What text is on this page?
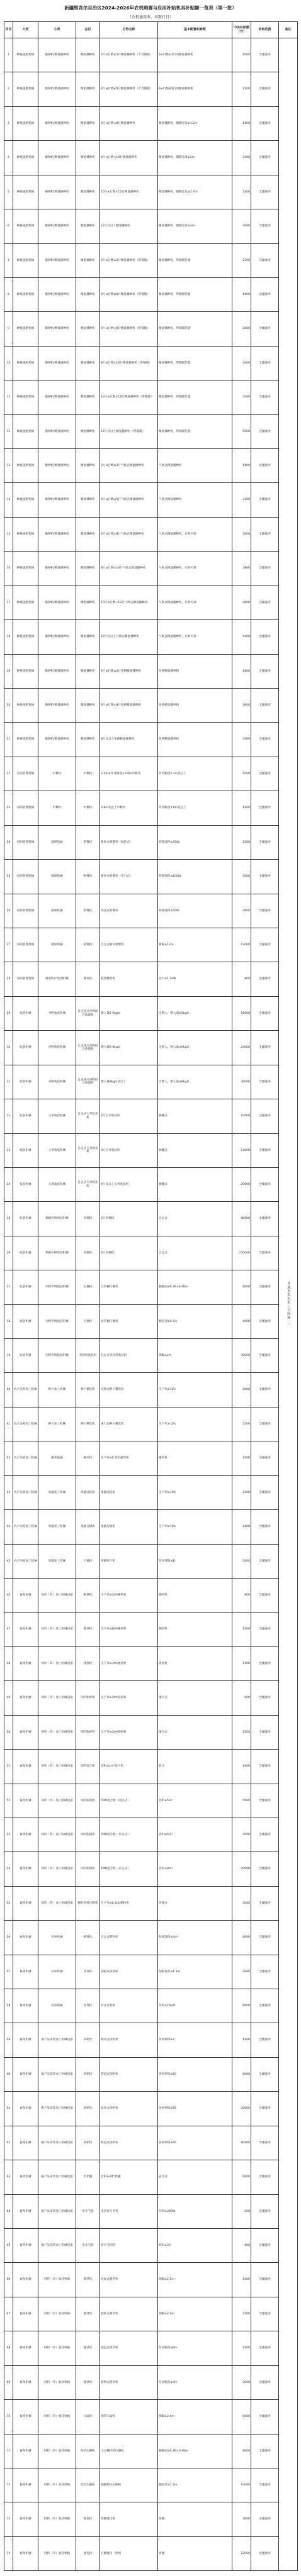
新疆维吾尔自治区2024-2026年农机购置与应用补贴机具补贴额一览表（第一批）
（农机通用类，共数行目）
序号	大类	小类	品目	分档名称	基本配置和参数	中央补贴额（元）	补贴范围	备注
1	种植施肥机械	播种机/精量播种机	精量播种机	2行≤行数≤3行精量播种机（不含铺膜）	2≤行数≤3行的精量播种机	1000	全疆通用	非通用类农机（全国统一）
2	种植施肥机械	播种机/精量播种机	精量播种机	4行≤行数≤5行精量播种机（不含铺膜）	4≤行数≤5行的精量播种机	1500	全疆通用	
3	种植施肥机械	播种机/精量播种机	精量播种机	6行≤行数<8行精量播种机	精量播种机，铺膜宽度≥1.2m	1800	全疆通用	
4	种植施肥机械	播种机/精量播种机	精量播种机	8行≤行数<10行精量播种机	精量播种机，铺膜宽度≥2m	2400	全疆通用	
5	种植施肥机械	播种机/精量播种机	精量播种机	10行≤行数<12行精量播种机	精量播种机，铺膜宽度≥2.4m	3200	全疆通用	
6	种植施肥机械	播种机/精量播种机	精量播种机	12行及以上精量播种机	精量播种机，铺膜宽度≥3m	4000	全疆通用	
7	种植施肥机械	播种机/精量播种机	精量播种机	2行≤行数≤3行精量播种机（带铺膜）	精量播种机，带铺膜装置	1200	全疆通用	
8	种植施肥机械	播种机/精量播种机	精量播种机	4行≤行数≤5行精量播种机（带铺膜）	精量播种机，带铺膜装置	1800	全疆通用	
9	种植施肥机械	播种机/精量播种机	精量播种机	6行≤行数<8行精量播种机（带铺膜）	精量播种机，带铺膜装置	2600	全疆通用	
10	种植施肥机械	播种机/精量播种机	精量播种机	8行≤行数<10行精量播种机（带铺膜）	精量播种机，带铺膜装置	3400	全疆通用	
11	种植施肥机械	播种机/精量播种机	精量播种机	10行≤行数<12行精量播种机（带铺膜）	精量播种机，带铺膜装置	4200	全疆通用	
12	种植施肥机械	播种机/精量播种机	精量播种机	12行及以上精量播种机（带铺膜）	精量播种机，带铺膜装置	5000	全疆通用	
13	种植施肥机械	播种机/精量播种机	精量播种机	2行≤行数≤3行气吸式精量播种机	气吸式精量播种机	1600	全疆通用	
14	种植施肥机械	播种机/精量播种机	精量播种机	4行≤行数≤5行气吸式精量播种机	气吸式精量播种机	2200	全疆通用	
15	种植施肥机械	播种机/精量播种机	精量播种机	6行≤行数<8行气吸式精量播种机	气吸式精量播种机，行距可调	3000	全疆通用	
16	种植施肥机械	播种机/精量播种机	精量播种机	8行≤行数<10行气吸式精量播种机	气吸式精量播种机，行距可调	3800	全疆通用	
17	种植施肥机械	播种机/精量播种机	精量播种机	10行≤行数<12行气吸式精量播种机	气吸式精量播种机，行距可调	4600	全疆通用	
18	种植施肥机械	播种机/精量播种机	精量播种机	12行及以上气吸式精量播种机	气吸式精量播种机，行距可调	5400	全疆通用	
19	种植施肥机械	播种机/精量播种机	精量播种机	4行≤行数≤5行免耕精量播种机	免耕精量播种机	2800	全疆通用	
20	种植施肥机械	播种机/精量播种机	精量播种机	6行≤行数<8行免耕精量播种机	免耕精量播种机	3600	全疆通用	
21	种植施肥机械	播种机/精量播种机	精量播种机	8行及以上免耕精量播种机	免耕精量播种机	4400	全疆通用	
22	田间管理机械	中耕机	中耕机	2.1m≤作业幅宽<3.6m中耕机	作业幅宽2.1m及以上	1000	全疆通用	
23	田间管理机械	中耕机	中耕机	3.6m及以上中耕机	作业幅宽3.6m及以上	1500	全疆通用	
24	田间管理机械	植保机械	喷雾机	喷杆式喷雾机（悬挂式）	药箱容积≥300L	1200	全疆通用	
25	田间管理机械	植保机械	喷雾机	喷杆式喷雾机（牵引式）	药箱容积≥1000L	3000	全疆通用	
26	田间管理机械	植保机械	喷雾机	风送式喷雾机	药箱容积≥500L	2800	全疆通用	
27	田间管理机械	植保机械	喷雾机	自走式喷杆喷雾机	喷幅≥12m	12000	全疆通用	
28	田间管理机械	修剪防护管理机械	修剪机	枝条修剪机	动力≥1.5kW	800	全疆通用	
29	收获机械	谷物收获机械	自走轮式谷物联合收割机	喂入量5-6kg/s	全喂入，喂入量≥5kg/s	18000	全疆通用	
30	收获机械	谷物收获机械	自走轮式谷物联合收割机	喂入量6-8kg/s	全喂入，喂入量≥6kg/s	24000	全疆通用	
31	收获机械	谷物收获机械	自走轮式谷物联合收割机	喂入量8kg/s及以上	全喂入，喂入量≥8kg/s	30000	全疆通用	
32	收获机械	玉米收获机械	自走式玉米收获机	2行玉米收获机	摘穗式	10000	全疆通用	
33	收获机械	玉米收获机械	自走式玉米收获机	3行玉米收获机	摘穗式	14000	全疆通用	
34	收获机械	玉米收获机械	自走式玉米收获机	4行及以上玉米收获机	摘穗式	20000	全疆通用	
35	收获机械	棉麻作物收获机械	采棉机	3行采棉机	自走式	80000	全疆通用	
36	收获机械	棉麻作物收获机械	采棉机	6行采棉机	自走式	150000	全疆通用	
37	收获机械	饲料作物收获机械	打捆机	方草捆打捆机	捆截面≥0.36×0.46m	6000	全疆通用	
38	收获机械	饲料作物收获机械	打捆机	圆草捆打捆机	捆直径≥0.7m	4000	全疆通用	
39	收获机械	饲料作物收获机械	青饲料收获机	自走式青饲料收获机	割幅≥2m	30000	全疆通用	
40	农产品初加工机械	种子加工机械	种子精选机	风筛式种子精选机	生产率≥1t/h	2000	全疆通用	
41	农产品初加工机械	种子加工机械	种子精选机	重力式种子精选机	生产率≥1t/h	2500	全疆通用	
42	农产品初加工机械	碾米机械	碾米机	生产率≥0.5t/h碾米机	碾米机	1000	全疆通用	
43	农产品初加工机械	果蔬加工机械	果蔬清洗机	果蔬清洗机	生产率≥1t/h	1200	全疆通用	
44	农产品初加工机械	果蔬加工机械	果蔬分级机	果蔬分级机	生产率≥1t/h	1800	全疆通用	
45	农产品初加工机械	果蔬加工机械	干燥机	果蔬烘干机	批处理量≥1t	5000	全疆通用	
46	畜牧机械	饲料（草）加工机械设备	铡草机	生产率≥3t/h铡草机	铡草机	800	全疆通用	
47	畜牧机械	饲料（草）加工机械设备	铡草机	生产率≥6t/h铡草机	铡草机	1200	全疆通用	
48	畜牧机械	饲料（草）加工机械设备	揉丝机	生产率≥3t/h揉丝机	揉丝机	1500	全疆通用	
49	畜牧机械	饲料（草）加工机械设备	饲料粉碎机	生产率≥1t/h粉碎机	锤片式	600	全疆通用	
50	畜牧机械	饲料（草）加工机械设备	饲料粉碎机	生产率≥3t/h粉碎机	锤片式	1200	全疆通用	
51	畜牧机械	饲料（草）加工机械设备	饲料混合机	容积≥1m³混合机	卧式	1000	全疆通用	
52	畜牧机械	饲料（草）加工机械设备	饲料制备机	TMR混合机（固定式）	容积≥5m³	5000	全疆通用	
53	畜牧机械	饲料（草）加工机械设备	饲料制备机	TMR混合机（牵引式）	容积≥5m³	7000	全疆通用	
54	畜牧机械	饲料（草）加工机械设备	饲料制备机	TMR混合机（自走式）	容积≥8m³	20000	全疆通用	
55	畜牧机械	饲料（草）加工机械设备	颗粒饲料压制机	生产率≥0.5t/h颗粒机	环模式	3000	全疆通用	
56	畜牧机械	饲养机械	喂料机	自走式喂料机	料箱容积≥3m³	8000	全疆通用	
57	畜牧机械	饲养机械	清粪机	刮板式清粪机	刮板宽度≥1.5m	2000	全疆通用	
58	畜牧机械	饲养机械	清粪机	铲式清粪机	功率≥15kW	6000	全疆通用	
59	畜牧机械	畜产品采集加工机械设备	挤奶机	移动式挤奶机	挤奶杯组≥2	1500	全疆通用	
60	畜牧机械	畜产品采集加工机械设备	挤奶机	管道式挤奶机	挤奶杯组≥10	8000	全疆通用	
61	畜牧机械	畜产品采集加工机械设备	挤奶机	鱼骨式挤奶机	挤奶杯组≥16	30000	全疆通用	
62	畜牧机械	畜产品采集加工机械设备	挤奶机	转盘式挤奶机	挤奶杯组≥40	80000	全疆通用	
63	畜牧机械	畜产品采集加工机械设备	贮奶罐	容积≥3t贮奶罐	直冷式	6000	全疆通用	
64	畜牧机械	畜产品采集加工机械设备	剪羊毛机	电动剪羊毛机	功率≥300W	200	全疆通用	
65	畜牧机械	畜产品采集加工机械设备	剪羊毛机	剪羊毛机组	机组≥3台	800	全疆通用	
66	畜牧机械	饲料（草）收获机械	割草机	往复式割草机	割幅≥2.1m	1500	全疆通用	
67	畜牧机械	饲料（草）收获机械	割草机	旋转式割草机	割幅≥2.4m	2500	全疆通用	
68	畜牧机械	饲料（草）收获机械	搂草机	指盘式搂草机	作业幅宽≥6m	1500	全疆通用	
69	畜牧机械	饲料（草）收获机械	搂草机	旋转式搂草机	作业幅宽≥4m	2000	全疆通用	
70	畜牧机械	饲料（草）收获机械	压扁机	割草压扁机	割幅≥2.4m	6000	全疆通用	
71	畜牧机械	饲料（草）收获机械	捡拾压捆机	小方捆捡拾压捆机	捆截面≥0.36×0.46m	8000	全疆通用	
72	畜牧机械	饲料（草）收获机械	捡拾压捆机	圆捆捡拾压捆机	捆直径≥1.2m	10000	全疆通用	
73	畜牧机械	饲料（草）收获机械	裹包机	草捆裹包机	圆捆	3000	全疆通用	
74	畜牧机械	饲料（草）收获机械	裹包机	打捆裹包一体机	圆捆	12000	全疆通用	
